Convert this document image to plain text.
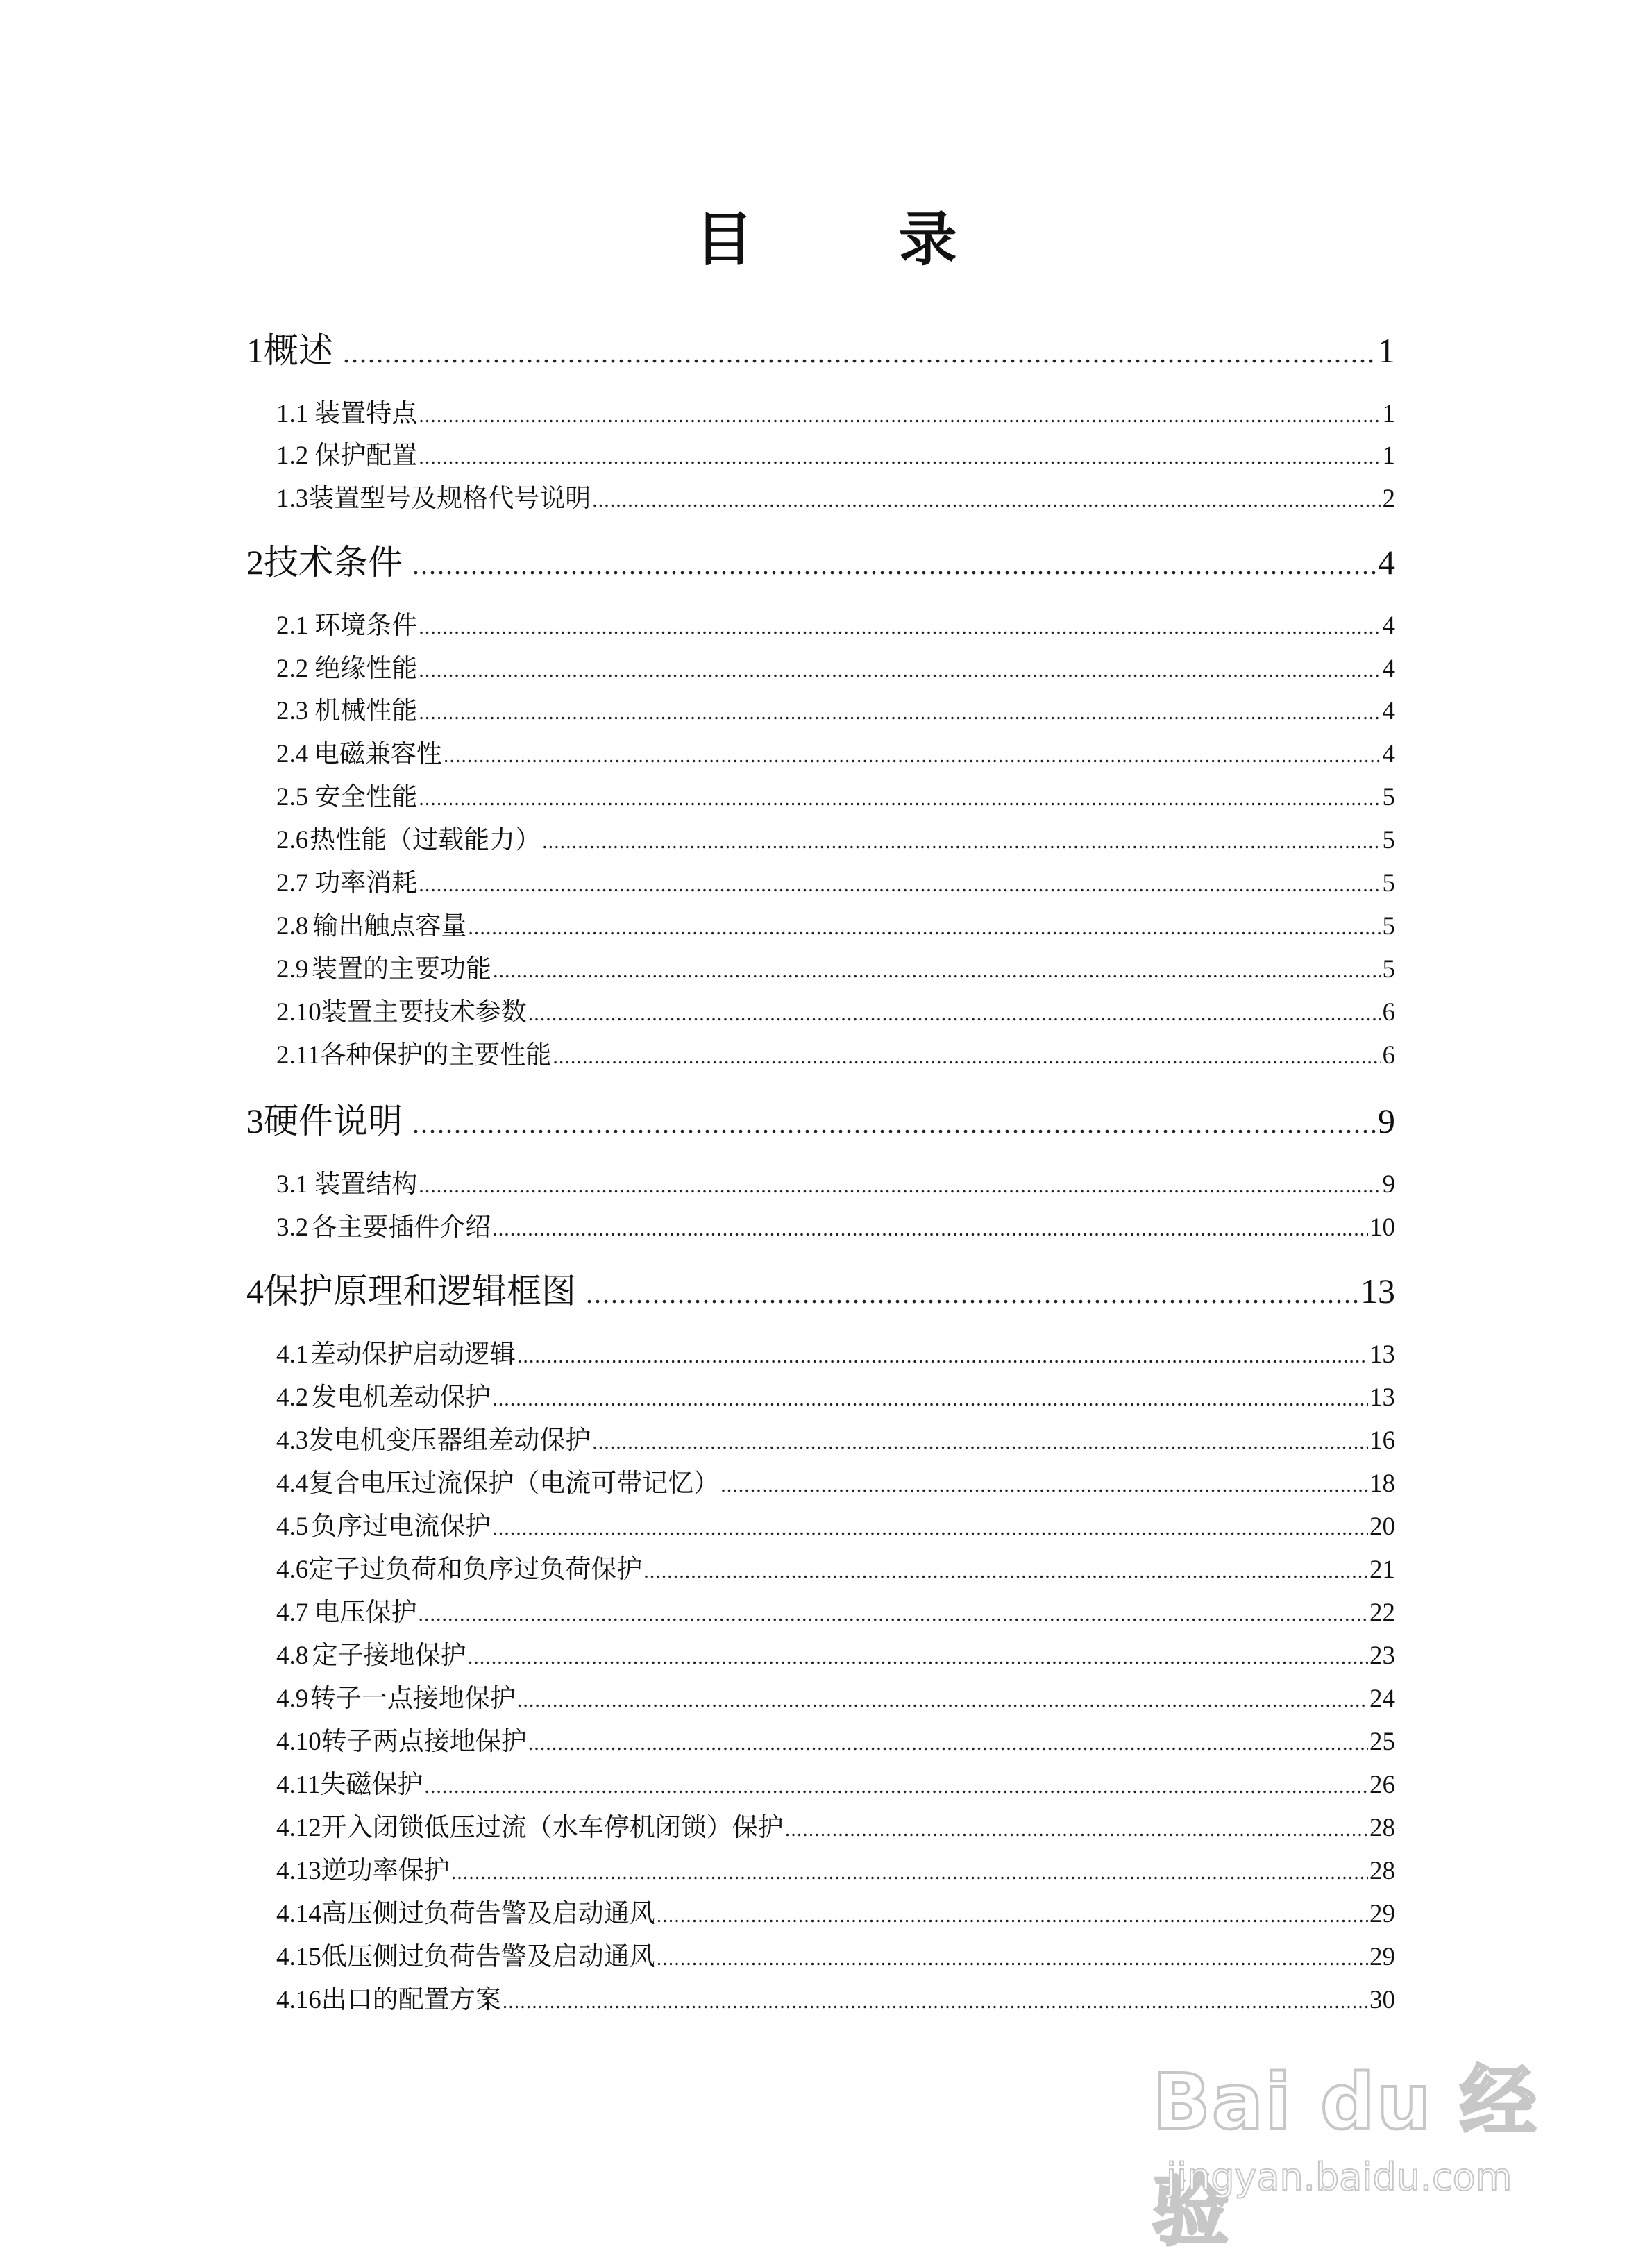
目 录
1 概述 .....	1
1.1 装置特点 .....	1
1.2 保护配置 .....	1
1.3 装置型号及规格代号说明 .....	2
2 技术条件 .....	4
2.1 环境条件 .....	4
2.2 绝缘性能 .....	4
2.3 机械性能 .....	4
2.4 电磁兼容性 .....	4
2.5 安全性能 .....	5
2.6 热性能（过载能力） .....	5
2.7 功率消耗 .....	5
2.8 输出触点容量 .....	5
2.9 装置的主要功能 .....	5
2.10 装置主要技术参数 .....	6
2.11 各种保护的主要性能 .....	6
3 硬件说明 .....	9
3.1 装置结构 .....	9
3.2 各主要插件介绍 .....	10
4 保护原理和逻辑框图 .....	13
4.1 差动保护启动逻辑 .....	13
4.2 发电机差动保护 .....	13
4.3 发电机变压器组差动保护 .....	16
4.4 复合电压过流保护（电流可带记忆） .....	18
4.5 负序过电流保护 .....	20
4.6 定子过负荷和负序过负荷保护 .....	21
4.7 电压保护 .....	22
4.8 定子接地保护 .....	23
4.9 转子一点接地保护 .....	24
4.10 转子两点接地保护 .....	25
4.11 失磁保护 .....	26
4.12 开入闭锁低压过流（水车停机闭锁）保护 .....	28
4.13 逆功率保护 .....	28
4.14 高压侧过负荷告警及启动通风 .....	29
4.15 低压侧过负荷告警及启动通风 .....	29
4.16 出口的配置方案 .....	30
Bai du 经验
jingyan.baidu.com
